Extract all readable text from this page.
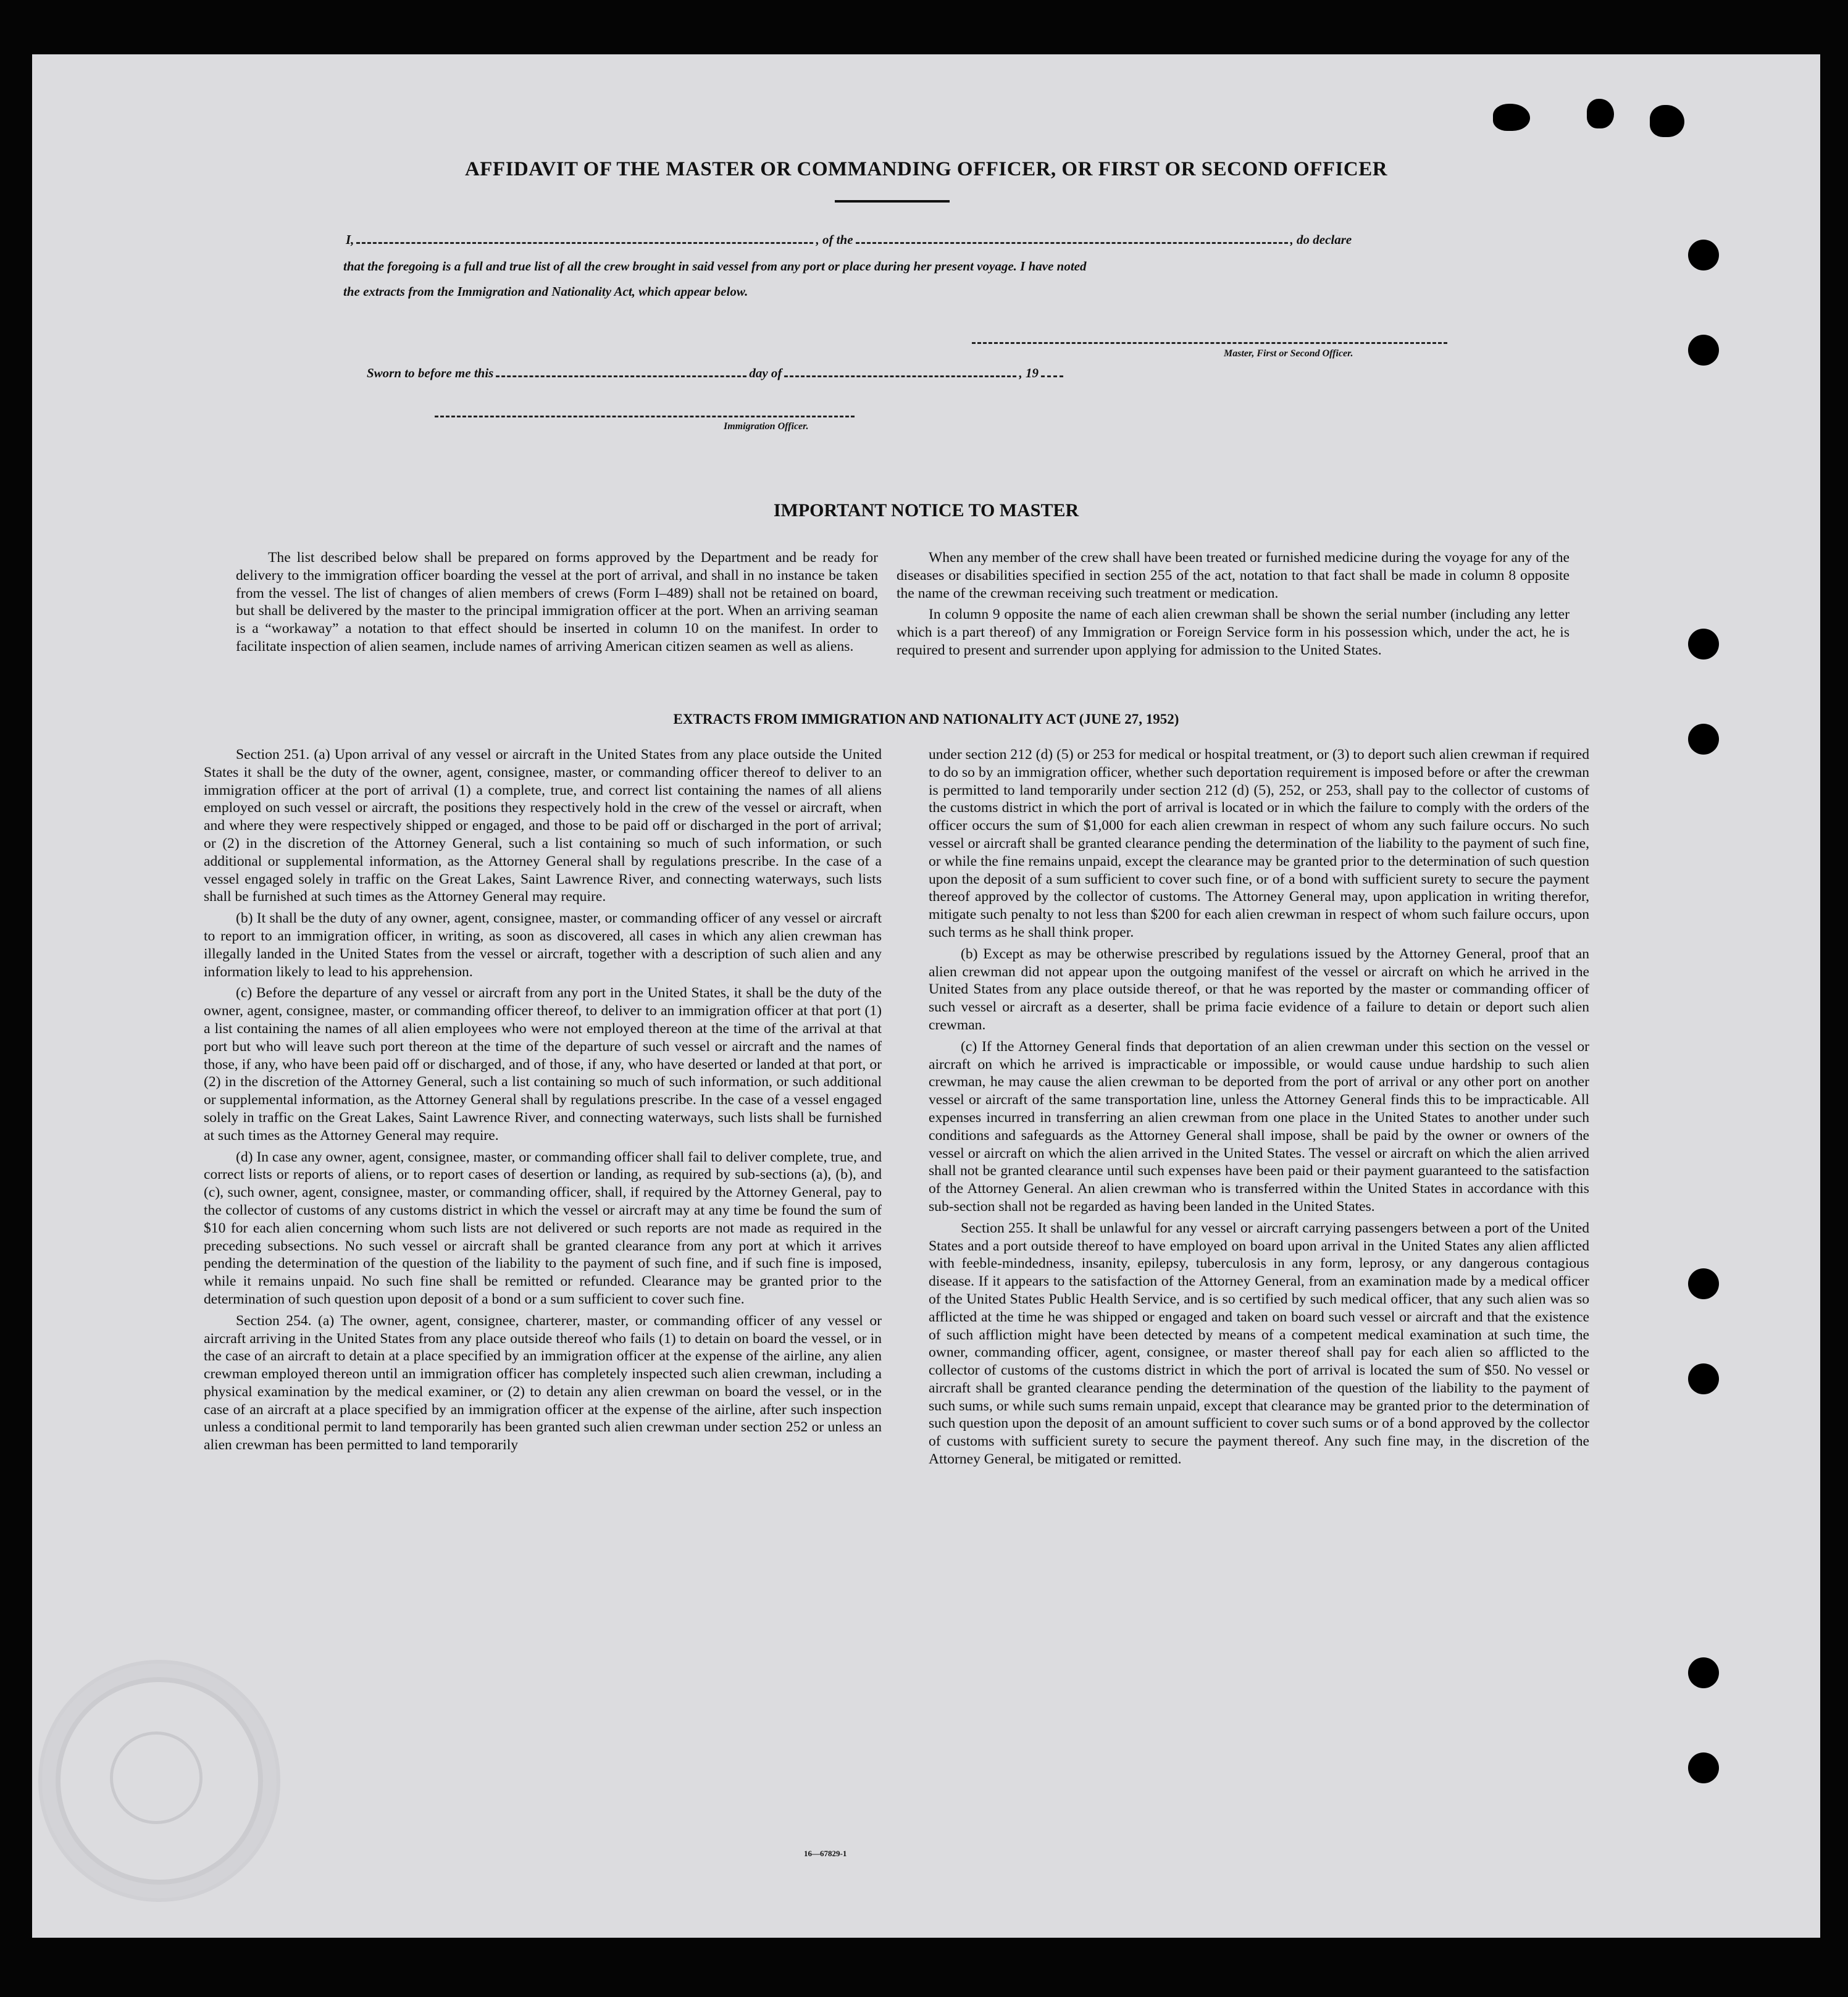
AFFIDAVIT OF THE MASTER OR COMMANDING OFFICER, OR FIRST OR SECOND OFFICER
I,	, of the	, do declare
that the foregoing is a full and true list of all the crew brought in said vessel from any port or place during her present voyage. I have noted
the extracts from the Immigration and Nationality Act, which appear below.
Master, First or Second Officer.
Sworn to before me this	day of	, 19
Immigration Officer.
IMPORTANT NOTICE TO MASTER

The list described below shall be prepared on forms approved by the Department and be ready for delivery to the immigration officer boarding the vessel at the port of arrival, and shall in no instance be taken from the vessel. The list of changes of alien members of crews (Form I–489) shall not be retained on board, but shall be delivered by the master to the principal immigration officer at the port. When an arriving seaman is a “workaway” a notation to that effect should be inserted in column 10 on the manifest. In order to facilitate inspection of alien seamen, include names of arriving American citizen seamen as well as aliens.

When any member of the crew shall have been treated or furnished medicine during the voyage for any of the diseases or disabilities specified in section 255 of the act, notation to that fact shall be made in column 8 opposite the name of the crewman receiving such treatment or medication.

In column 9 opposite the name of each alien crewman shall be shown the serial number (including any letter which is a part thereof) of any Immigration or Foreign Service form in his possession which, under the act, he is required to present and surrender upon applying for admission to the United States.

EXTRACTS FROM IMMIGRATION AND NATIONALITY ACT (JUNE 27, 1952)

Section 251. (a) Upon arrival of any vessel or aircraft in the United States from any place outside the United States it shall be the duty of the owner, agent, consignee, master, or commanding officer thereof to deliver to an immigration officer at the port of arrival (1) a complete, true, and correct list containing the names of all aliens employed on such vessel or aircraft, the positions they respectively hold in the crew of the vessel or aircraft, when and where they were respectively shipped or engaged, and those to be paid off or discharged in the port of arrival; or (2) in the discretion of the Attorney General, such a list containing so much of such information, or such additional or supplemental information, as the Attorney General shall by regulations prescribe. In the case of a vessel engaged solely in traffic on the Great Lakes, Saint Lawrence River, and connecting waterways, such lists shall be furnished at such times as the Attorney General may require.

(b) It shall be the duty of any owner, agent, consignee, master, or commanding officer of any vessel or aircraft to report to an immigration officer, in writing, as soon as discovered, all cases in which any alien crewman has illegally landed in the United States from the vessel or aircraft, together with a description of such alien and any information likely to lead to his apprehension.

(c) Before the departure of any vessel or aircraft from any port in the United States, it shall be the duty of the owner, agent, consignee, master, or commanding officer thereof, to deliver to an immigration officer at that port (1) a list containing the names of all alien employees who were not employed thereon at the time of the arrival at that port but who will leave such port thereon at the time of the departure of such vessel or aircraft and the names of those, if any, who have been paid off or discharged, and of those, if any, who have deserted or landed at that port, or (2) in the discretion of the Attorney General, such a list containing so much of such information, or such additional or supplemental information, as the Attorney General shall by regulations prescribe. In the case of a vessel engaged solely in traffic on the Great Lakes, Saint Lawrence River, and connecting waterways, such lists shall be furnished at such times as the Attorney General may require.

(d) In case any owner, agent, consignee, master, or commanding officer shall fail to deliver complete, true, and correct lists or reports of aliens, or to report cases of desertion or landing, as required by sub-sections (a), (b), and (c), such owner, agent, consignee, master, or commanding officer, shall, if required by the Attorney General, pay to the collector of customs of any customs district in which the vessel or aircraft may at any time be found the sum of $10 for each alien concerning whom such lists are not delivered or such reports are not made as required in the preceding subsections. No such vessel or aircraft shall be granted clearance from any port at which it arrives pending the determination of the question of the liability to the payment of such fine, and if such fine is imposed, while it remains unpaid. No such fine shall be remitted or refunded. Clearance may be granted prior to the determination of such question upon deposit of a bond or a sum sufficient to cover such fine.

Section 254. (a) The owner, agent, consignee, charterer, master, or commanding officer of any vessel or aircraft arriving in the United States from any place outside thereof who fails (1) to detain on board the vessel, or in the case of an aircraft to detain at a place specified by an immigration officer at the expense of the airline, any alien crewman employed thereon until an immigration officer has completely inspected such alien crewman, including a physical examination by the medical examiner, or (2) to detain any alien crewman on board the vessel, or in the case of an aircraft at a place specified by an immigration officer at the expense of the airline, after such inspection unless a conditional permit to land temporarily has been granted such alien crewman under section 252 or unless an alien crewman has been permitted to land temporarily

under section 212 (d) (5) or 253 for medical or hospital treatment, or (3) to deport such alien crewman if required to do so by an immigration officer, whether such deportation requirement is imposed before or after the crewman is permitted to land temporarily under section 212 (d) (5), 252, or 253, shall pay to the collector of customs of the customs district in which the port of arrival is located or in which the failure to comply with the orders of the officer occurs the sum of $1,000 for each alien crewman in respect of whom any such failure occurs. No such vessel or aircraft shall be granted clearance pending the determination of the liability to the payment of such fine, or while the fine remains unpaid, except the clearance may be granted prior to the determination of such question upon the deposit of a sum sufficient to cover such fine, or of a bond with sufficient surety to secure the payment thereof approved by the collector of customs. The Attorney General may, upon application in writing therefor, mitigate such penalty to not less than $200 for each alien crewman in respect of whom such failure occurs, upon such terms as he shall think proper.

(b) Except as may be otherwise prescribed by regulations issued by the Attorney General, proof that an alien crewman did not appear upon the outgoing manifest of the vessel or aircraft on which he arrived in the United States from any place outside thereof, or that he was reported by the master or commanding officer of such vessel or aircraft as a deserter, shall be prima facie evidence of a failure to detain or deport such alien crewman.

(c) If the Attorney General finds that deportation of an alien crewman under this section on the vessel or aircraft on which he arrived is impracticable or impossible, or would cause undue hardship to such alien crewman, he may cause the alien crewman to be deported from the port of arrival or any other port on another vessel or aircraft of the same transportation line, unless the Attorney General finds this to be impracticable. All expenses incurred in transferring an alien crewman from one place in the United States to another under such conditions and safeguards as the Attorney General shall impose, shall be paid by the owner or owners of the vessel or aircraft on which the alien arrived in the United States. The vessel or aircraft on which the alien arrived shall not be granted clearance until such expenses have been paid or their payment guaranteed to the satisfaction of the Attorney General. An alien crewman who is transferred within the United States in accordance with this sub-section shall not be regarded as having been landed in the United States.

Section 255. It shall be unlawful for any vessel or aircraft carrying passengers between a port of the United States and a port outside thereof to have employed on board upon arrival in the United States any alien afflicted with feeble-mindedness, insanity, epilepsy, tuberculosis in any form, leprosy, or any dangerous contagious disease. If it appears to the satisfaction of the Attorney General, from an examination made by a medical officer of the United States Public Health Service, and is so certified by such medical officer, that any such alien was so afflicted at the time he was shipped or engaged and taken on board such vessel or aircraft and that the existence of such affliction might have been detected by means of a competent medical examination at such time, the owner, commanding officer, agent, consignee, or master thereof shall pay for each alien so afflicted to the collector of customs of the customs district in which the port of arrival is located the sum of $50. No vessel or aircraft shall be granted clearance pending the determination of the question of the liability to the payment of such sums, or while such sums remain unpaid, except that clearance may be granted prior to the determination of such question upon the deposit of an amount sufficient to cover such sums or of a bond approved by the collector of customs with sufficient surety to secure the payment thereof. Any such fine may, in the discretion of the Attorney General, be mitigated or remitted.

16—67829-1
